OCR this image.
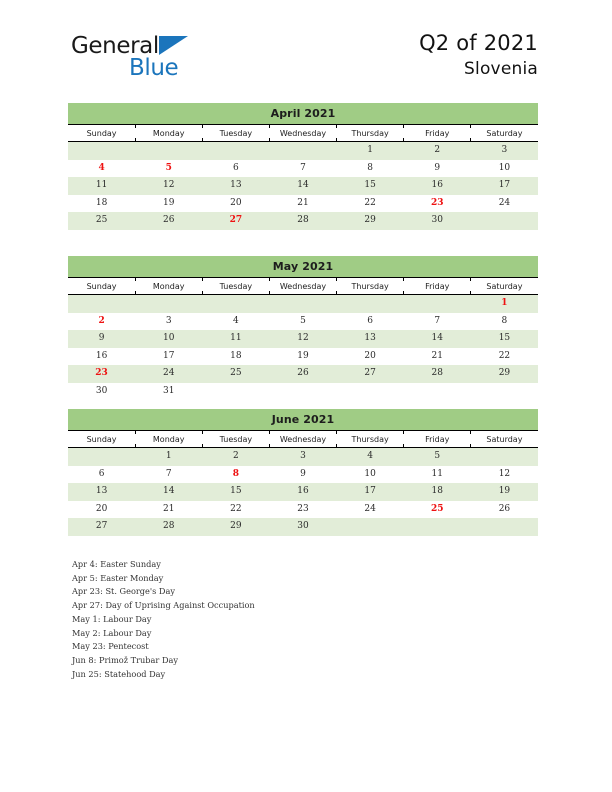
General
Blue
Q2 of 2021
Slovenia
April 2021
Sunday	Monday	Tuesday	Wednesday	Thursday	Friday	Saturday

				1	2	3
4	5	6	7	8	9	10
11	12	13	14	15	16	17
18	19	20	21	22	23	24
25	26	27	28	29	30	

May 2021
Sunday	Monday	Tuesday	Wednesday	Thursday	Friday	Saturday

						1
2	3	4	5	6	7	8
9	10	11	12	13	14	15
16	17	18	19	20	21	22
23	24	25	26	27	28	29
30	31					
June 2021
Sunday	Monday	Tuesday	Wednesday	Thursday	Friday	Saturday

	1	2	3	4	5	
6	7	8	9	10	11	12
13	14	15	16	17	18	19
20	21	22	23	24	25	26
27	28	29	30			

Apr 4: Easter Sunday
Apr 5: Easter Monday
Apr 23: St. George's Day
Apr 27: Day of Uprising Against Occupation
May 1: Labour Day
May 2: Labour Day
May 23: Pentecost
Jun 8: Primož Trubar Day
Jun 25: Statehood Day
